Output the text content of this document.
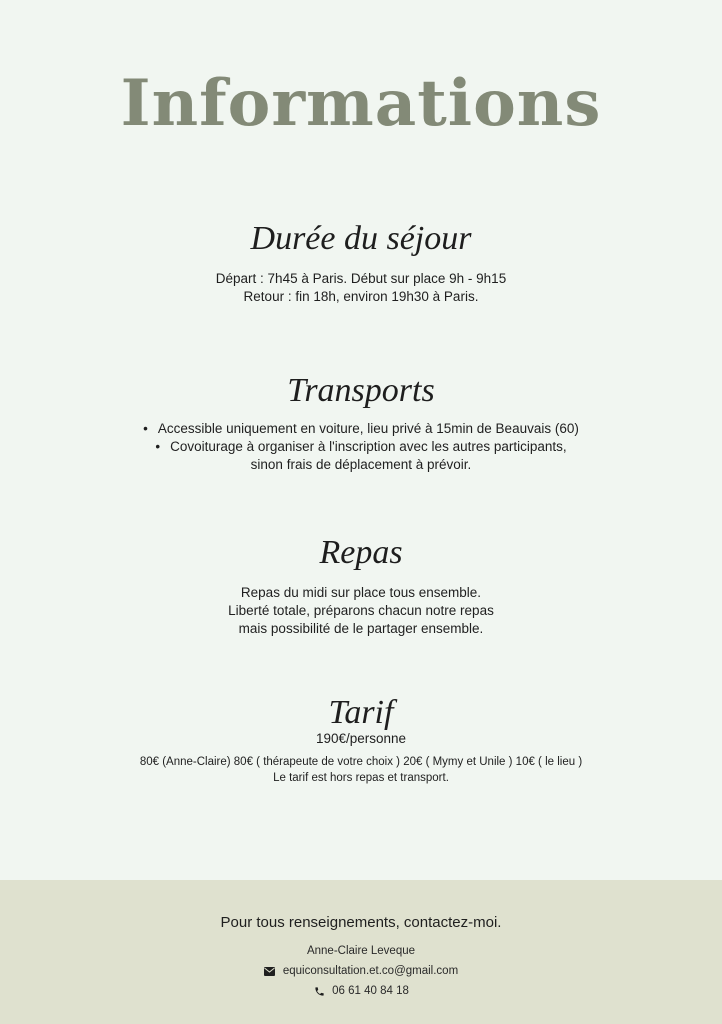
Informations
Durée du séjour

Départ : 7h45 à Paris. Début sur place 9h - 9h15

Retour : fin 18h, environ 19h30 à Paris.

Transports
• Accessible uniquement en voiture, lieu privé à 15min de Beauvais (60)
• Covoiturage à organiser à l'inscription avec les autres participants,
sinon frais de déplacement à prévoir.
Repas

Repas du midi sur place tous ensemble.

Liberté totale, préparons chacun notre repas

mais possibilité de le partager ensemble.

Tarif

190€/personne

80€ (Anne-Claire) 80€ ( thérapeute de votre choix ) 20€ ( Mymy et Unile ) 10€ ( le lieu )

Le tarif est hors repas et transport.

Pour tous renseignements, contactez-moi.
Anne-Claire Leveque
equiconsultation.et.co@gmail.com
06 61 40 84 18
